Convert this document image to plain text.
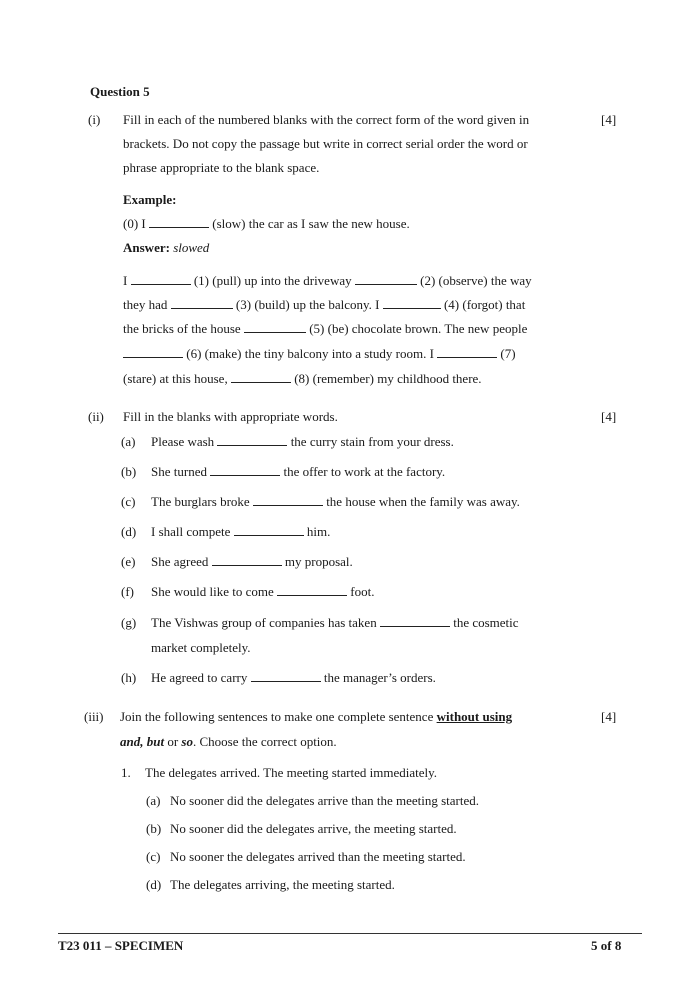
Question 5
(i)	[4]
Fill in each of the numbered blanks with the correct form of the word given in
brackets. Do not copy the passage but write in correct serial order the word or
phrase appropriate to the blank space.
Example:
(0) I	(slow) the car as I saw the new house.
Answer: slowed
I	(1) (pull) up into the driveway	(2) (observe) the way
they had	(3) (build) up the balcony. I	(4) (forgot) that
the bricks of the house	(5) (be) chocolate brown. The new people
(6) (make) the tiny balcony into a study room. I	(7)
(stare) at this house,	(8) (remember) my childhood there.
(ii) Fill in the blanks with appropriate words.	[4]
(a) Please wash	the curry stain from your dress.
(b) She turned	the offer to work at the factory.
(c) The burglars broke	the house when the family was away.
(d) I shall compete	him.
(e) She agreed	my proposal.
(f) She would like to come	foot.
(g) The Vishwas group of companies has taken	the cosmetic
market completely.
(h) He agreed to carry	the manager’s orders.
(iii)	[4]
Join the following sentences to make one complete sentence without using
and, but or so. Choose the correct option.
1. The delegates arrived. The meeting started immediately.
(a) No sooner did the delegates arrive than the meeting started.
(b) No sooner did the delegates arrive, the meeting started.
(c) No sooner the delegates arrived than the meeting started.
(d) The delegates arriving, the meeting started.
T23 011 – SPECIMEN	5 of 8
